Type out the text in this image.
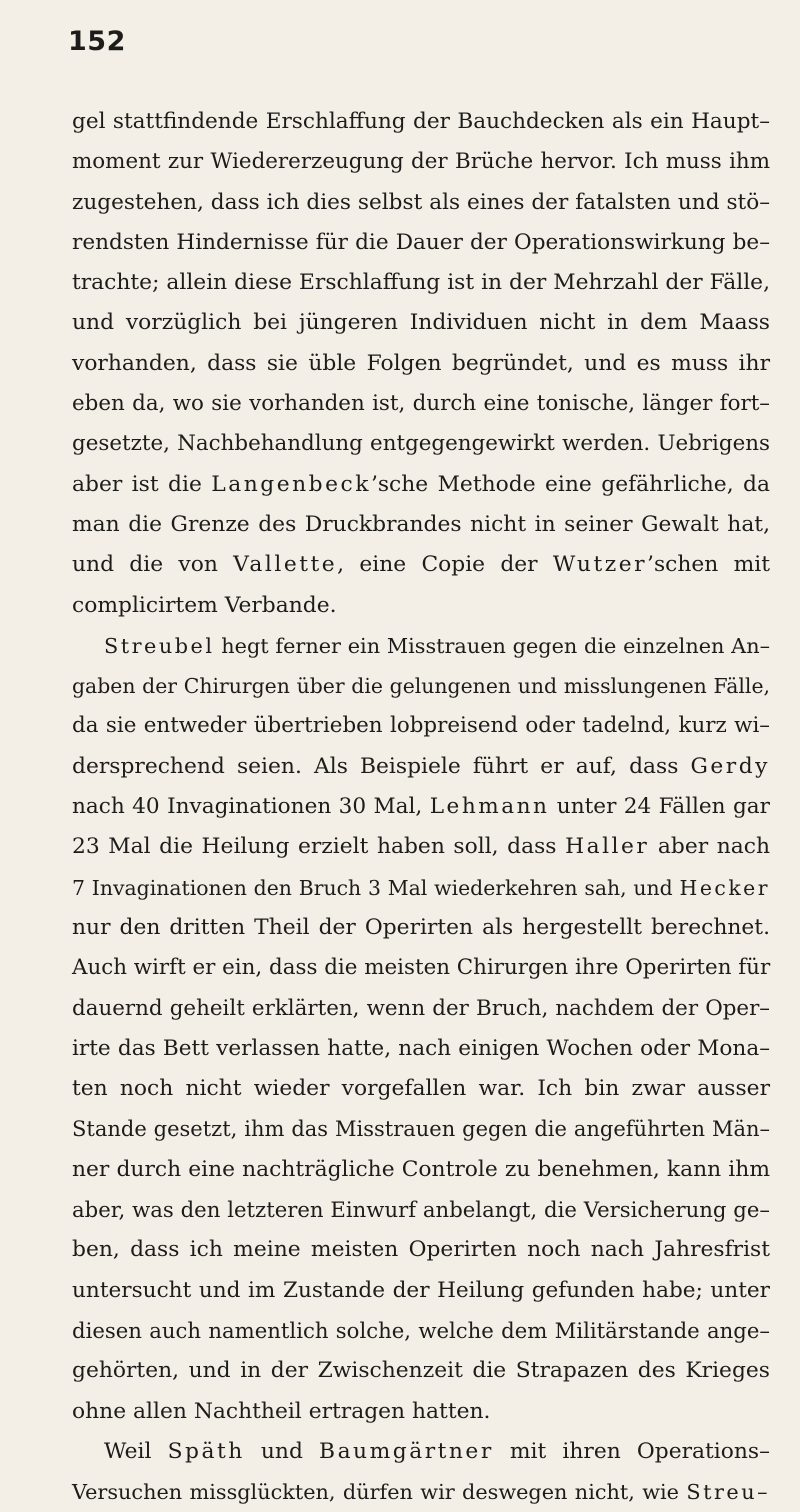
152
gel stattfindende Erschlaffung der Bauchdecken als ein Haupt–
moment zur Wiedererzeugung der Brüche hervor. Ich muss ihm
zugestehen, dass ich dies selbst als eines der fatalsten und stö–
rendsten Hindernisse für die Dauer der Operationswirkung be–
trachte; allein diese Erschlaffung ist in der Mehrzahl der Fälle,
und vorzüglich bei jüngeren Individuen nicht in dem Maass
vorhanden, dass sie üble Folgen begründet, und es muss ihr
eben da, wo sie vorhanden ist, durch eine tonische, länger fort–
gesetzte, Nachbehandlung entgegengewirkt werden. Uebrigens
aber ist die Langenbeck’sche Methode eine gefährliche, da
man die Grenze des Druckbrandes nicht in seiner Gewalt hat,
und die von Vallette, eine Copie der Wutzer’schen mit
complicirtem Verbande.
Streubel hegt ferner ein Misstrauen gegen die einzelnen An–
gaben der Chirurgen über die gelungenen und misslungenen Fälle,
da sie entweder übertrieben lobpreisend oder tadelnd, kurz wi–
dersprechend seien. Als Beispiele führt er auf, dass Gerdy
nach 40 Invaginationen 30 Mal, Lehmann unter 24 Fällen gar
23 Mal die Heilung erzielt haben soll, dass Haller aber nach
7 Invaginationen den Bruch 3 Mal wiederkehren sah, und Hecker
nur den dritten Theil der Operirten als hergestellt berechnet.
Auch wirft er ein, dass die meisten Chirurgen ihre Operirten für
dauernd geheilt erklärten, wenn der Bruch, nachdem der Oper–
irte das Bett verlassen hatte, nach einigen Wochen oder Mona–
ten noch nicht wieder vorgefallen war. Ich bin zwar ausser
Stande gesetzt, ihm das Misstrauen gegen die angeführten Män–
ner durch eine nachträgliche Controle zu benehmen, kann ihm
aber, was den letzteren Einwurf anbelangt, die Versicherung ge–
ben, dass ich meine meisten Operirten noch nach Jahresfrist
untersucht und im Zustande der Heilung gefunden habe; unter
diesen auch namentlich solche, welche dem Militärstande ange–
gehörten, und in der Zwischenzeit die Strapazen des Krieges
ohne allen Nachtheil ertragen hatten.
Weil Späth und Baumgärtner mit ihren Operations–
Versuchen missglückten, dürfen wir deswegen nicht, wie Streu–
